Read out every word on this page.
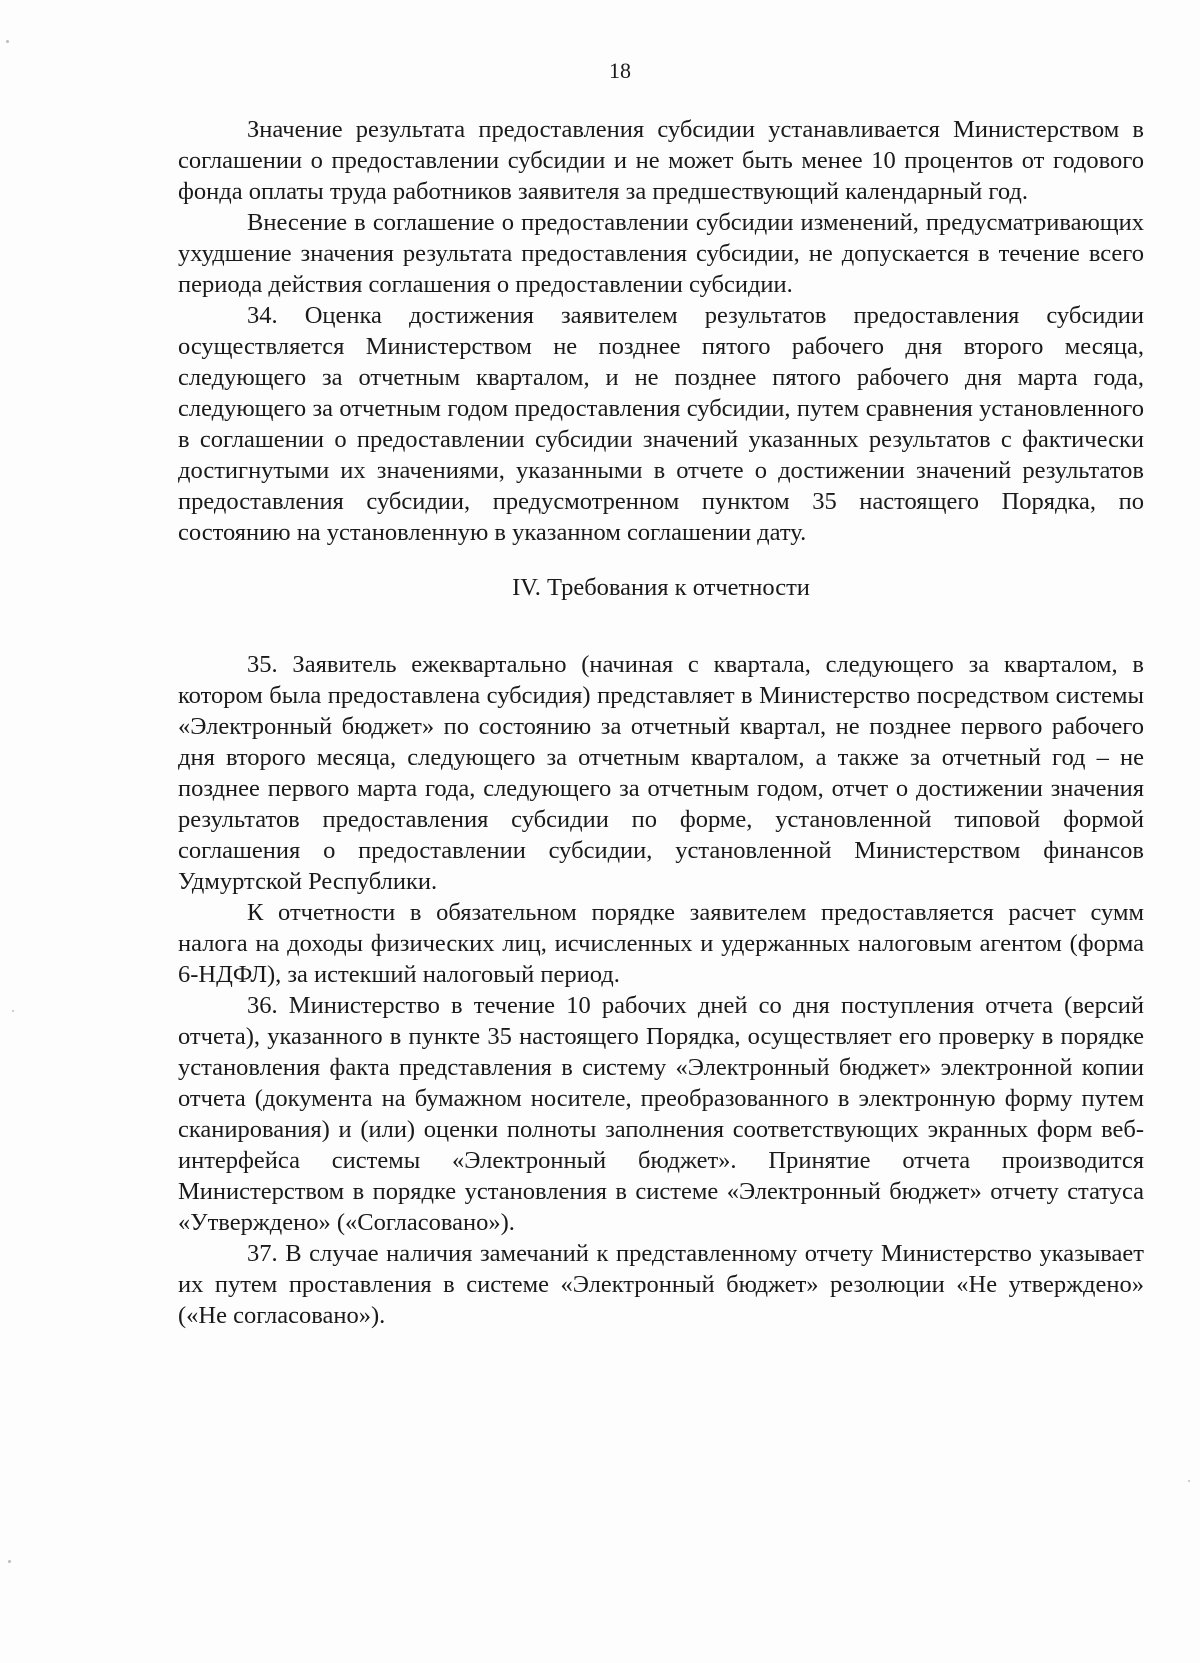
18

Значение результата предоставления субсидии устанавливается Министерством в соглашении о предоставлении субсидии и не может быть менее 10 процентов от годового фонда оплаты труда работников заявителя за предшествующий календарный год.

Внесение в соглашение о предоставлении субсидии изменений, предусматривающих ухудшение значения результата предоставления субсидии, не допускается в течение всего периода действия соглашения о предоставлении субсидии.

34. Оценка достижения заявителем результатов предоставления субсидии осуществляется Министерством не позднее пятого рабочего дня второго месяца, следующего за отчетным кварталом, и не позднее пятого рабочего дня марта года, следующего за отчетным годом предоставления субсидии, путем сравнения установленного в соглашении о предоставлении субсидии значений указанных результатов с фактически достигнутыми их значениями, указанными в отчете о достижении значений результатов предоставления субсидии, предусмотренном пунктом 35 настоящего Порядка, по состоянию на установленную в указанном соглашении дату.

IV. Требования к отчетности

35. Заявитель ежеквартально (начиная с квартала, следующего за кварталом, в котором была предоставлена субсидия) представляет в Министерство посредством системы «Электронный бюджет» по состоянию за отчетный квартал, не позднее первого рабочего дня второго месяца, следующего за отчетным кварталом, а также за отчетный год – не позднее первого марта года, следующего за отчетным годом, отчет о достижении значения результатов предоставления субсидии по форме, установленной типовой формой соглашения о предоставлении субсидии, установленной Министерством финансов Удмуртской Республики.

К отчетности в обязательном порядке заявителем предоставляется расчет сумм налога на доходы физических лиц, исчисленных и удержанных налоговым агентом (форма 6-НДФЛ), за истекший налоговый период.

36. Министерство в течение 10 рабочих дней со дня поступления отчета (версий отчета), указанного в пункте 35 настоящего Порядка, осуществляет его проверку в порядке установления факта представления в систему «Электронный бюджет» электронной копии отчета (документа на бумажном носителе, преобразованного в электронную форму путем сканирования) и (или) оценки полноты заполнения соответствующих экранных форм веб-интерфейса системы «Электронный бюджет». Принятие отчета производится Министерством в порядке установления в системе «Электронный бюджет» отчету статуса «Утверждено» («Согласовано»).

37. В случае наличия замечаний к представленному отчету Министерство указывает их путем проставления в системе «Электронный бюджет» резолюции «Не утверждено» («Не согласовано»).
